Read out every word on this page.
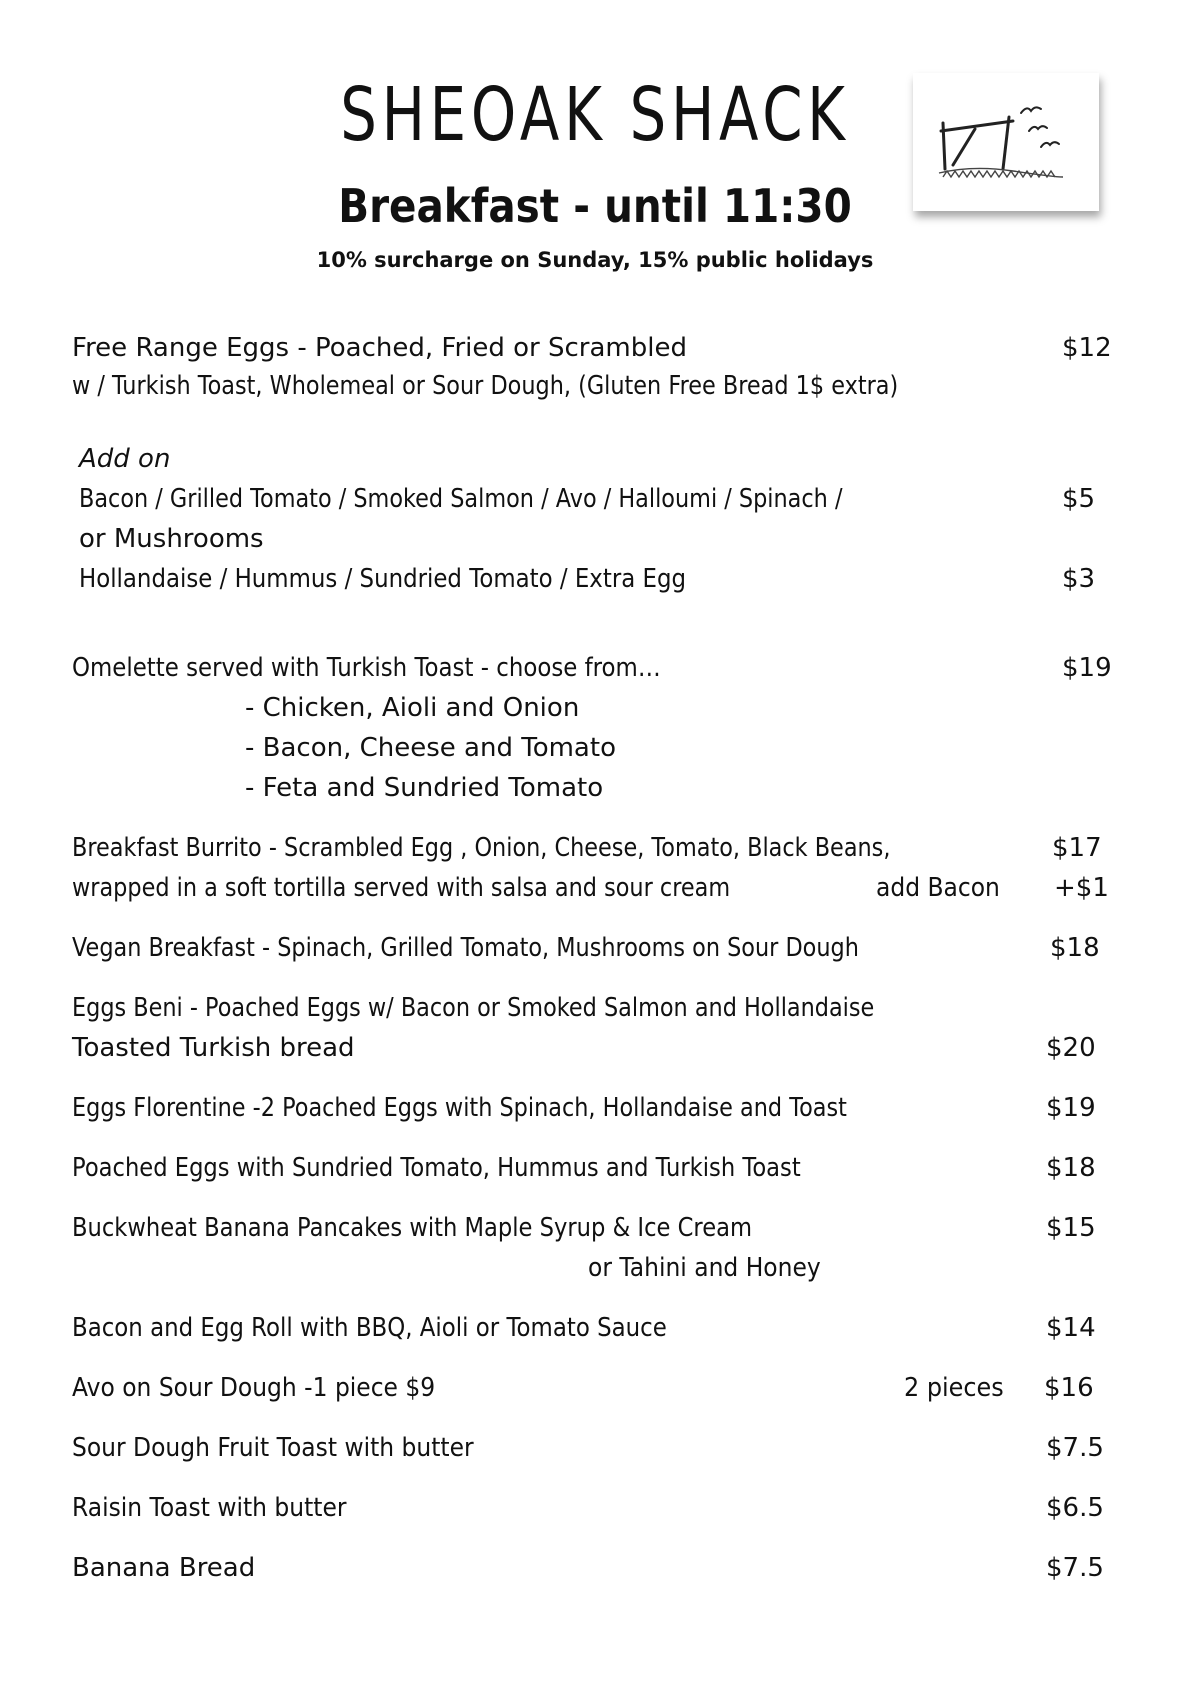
SHEOAK SHACK
Breakfast - until 11:30
10% surcharge on Sunday, 15% public holidays
Free Range Eggs - Poached, Fried or Scrambled	$12
w / Turkish Toast, Wholemeal or Sour Dough, (Gluten Free Bread 1$ extra)
Add on
Bacon / Grilled Tomato / Smoked Salmon / Avo / Halloumi / Spinach /	$5
or Mushrooms
Hollandaise / Hummus / Sundried Tomato / Extra Egg	$3
Omelette served with Turkish Toast - choose from…	$19
- Chicken, Aioli and Onion
- Bacon, Cheese and Tomato
- Feta and Sundried Tomato
Breakfast Burrito - Scrambled Egg , Onion, Cheese, Tomato, Black Beans,	$17
wrapped in a soft tortilla served with salsa and sour cream	add Bacon	+$1
Vegan Breakfast - Spinach, Grilled Tomato, Mushrooms on Sour Dough	$18
Eggs Beni - Poached Eggs w/ Bacon or Smoked Salmon and Hollandaise
Toasted Turkish bread	$20
Eggs Florentine -2 Poached Eggs with Spinach, Hollandaise and Toast	$19
Poached Eggs with Sundried Tomato, Hummus and Turkish Toast	$18
Buckwheat Banana Pancakes with Maple Syrup & Ice Cream	$15
or Tahini and Honey
Bacon and Egg Roll with BBQ, Aioli or Tomato Sauce	$14
Avo on Sour Dough -1 piece $9	2 pieces	$16
Sour Dough Fruit Toast with butter	$7.5
Raisin Toast with butter	$6.5
Banana Bread	$7.5
